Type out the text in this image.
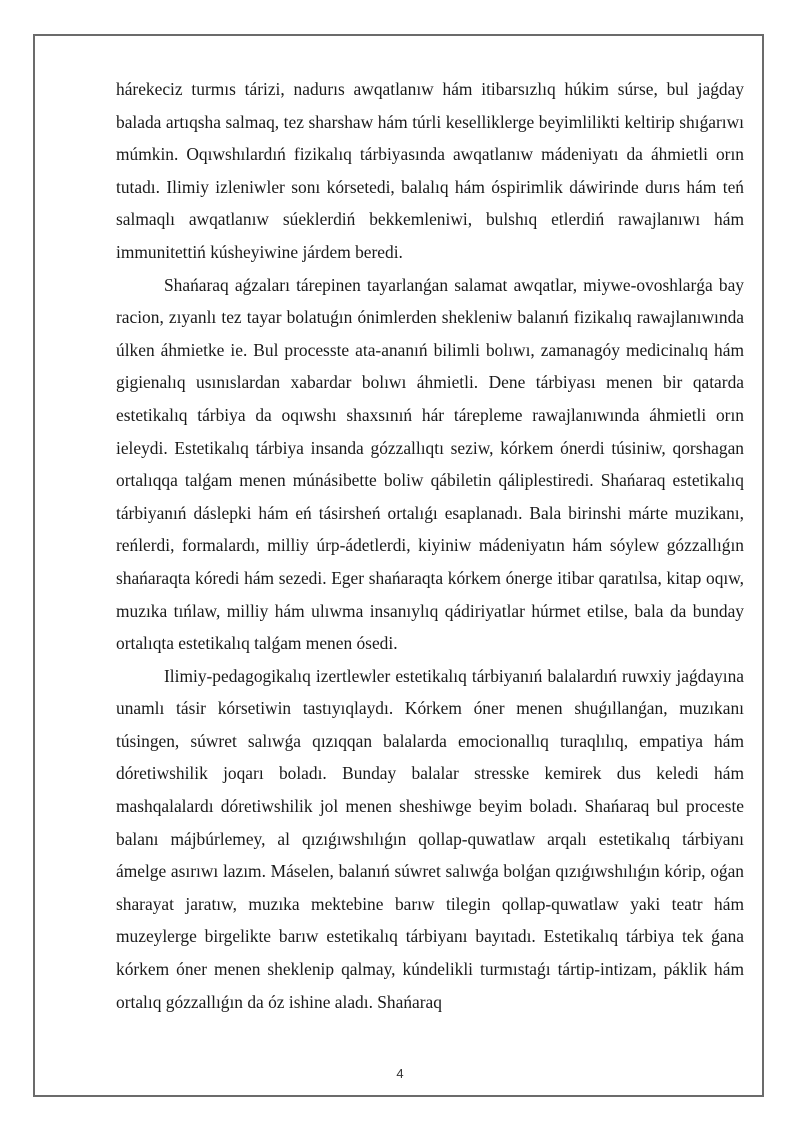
hárekeciz turmıs tárizi, nadurıs awqatlanıw hám itibarsızlıq húkim súrse, bul jaǵday balada artıqsha salmaq, tez sharshaw hám túrli keselliklerge beyimlilikti keltirip shıǵarıwı múmkin. Oqıwshılardıń fizikalıq tárbiyasında awqatlanıw mádeniyatı da áhmietli orın tutadı. Ilimiy izleniwler sonı kórsetedi, balalıq hám óspirimlik dáwirinde durıs hám teń salmaqlı awqatlanıw súeklerdiń bekkemleniwi, bulshıq etlerdiń rawajlanıwı hám immunitettiń kúsheyiwine járdem beredi.

Shańaraq aǵzaları tárepinen tayarlanǵan salamat awqatlar, miywe-ovoshlarǵa bay racion, zıyanlı tez tayar bolatuǵın ónimlerden shekleniw balanıń fizikalıq rawajlanıwında úlken áhmietke ie. Bul processte ata-ananıń bilimli bolıwı, zamanagóy medicinalıq hám gigienalıq usınıslardan xabardar bolıwı áhmietli. Dene tárbiyası menen bir qatarda estetikalıq tárbiya da oqıwshı shaxsınıń hár tárepleme rawajlanıwında áhmietli orın ieleydi. Estetikalıq tárbiya insanda gózzallıqtı seziw, kórkem ónerdi túsiniw, qorshagan ortalıqqa talǵam menen múnásibette boliw qábiletin qáliplestiredi. Shańaraq estetikalıq tárbiyanıń dáslepki hám eń tásirsheń ortalıǵı esaplanadı. Bala birinshi márte muzikanı, reńlerdi, formalardı, milliy úrp-ádetlerdi, kiyiniw mádeniyatın hám sóylew gózzallıǵın shańaraqta kóredi hám sezedi. Eger shańaraqta kórkem ónerge itibar qaratılsa, kitap oqıw, muzıka tıńlaw, milliy hám ulıwma insanıylıq qádiriyatlar húrmet etilse, bala da bunday ortalıqta estetikalıq talǵam menen ósedi.

Ilimiy-pedagogikalıq izertlewler estetikalıq tárbiyanıń balalardıń ruwxiy jaǵdayına unamlı tásir kórsetiwin tastıyıqlaydı. Kórkem óner menen shuǵıllanǵan, muzıkanı túsingen, súwret salıwǵa qızıqqan balalarda emocionallıq turaqlılıq, empatiya hám dóretiwshilik joqarı boladı. Bunday balalar stresske kemirek dus keledi hám mashqalalardı dóretiwshilik jol menen sheshiwge beyim boladı. Shańaraq bul proceste balanı májbúrlemey, al qızıǵıwshılıǵın qollap-quwatlaw arqalı estetikalıq tárbiyanı ámelge asırıwı lazım. Máselen, balanıń súwret salıwǵa bolǵan qızıǵıwshılıǵın kórip, oǵan sharayat jaratıw, muzıka mektebine barıw tilegin qollap-quwatlaw yaki teatr hám muzeylerge birgelikte barıw estetikalıq tárbiyanı bayıtadı. Estetikalıq tárbiya tek ǵana kórkem óner menen sheklenip qalmay, kúndelikli turmıstaǵı tártip-intizam, páklik hám ortalıq gózzallıǵın da óz ishine aladı. Shańaraq

4
